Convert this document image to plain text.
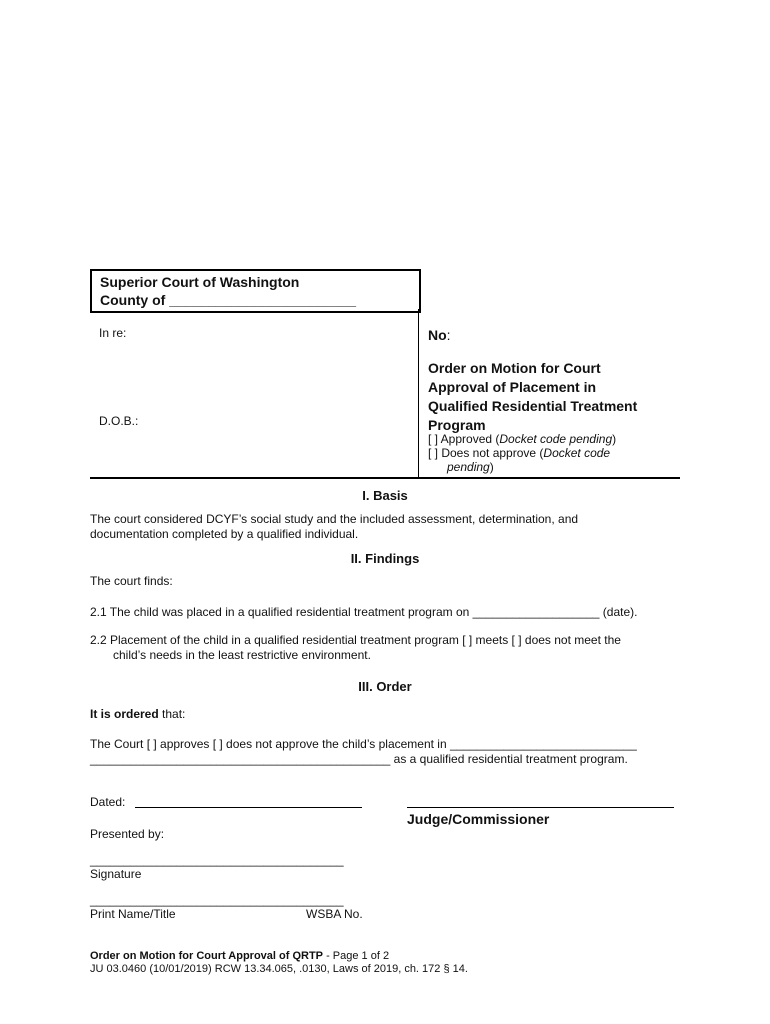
Superior Court of Washington
County of ________________________
In re:
D.O.B.:
No:
Order on Motion for Court
Approval of Placement in
Qualified Residential Treatment
Program
[ ] Approved (Docket code pending)
[ ] Does not approve (Docket code
pending)
I. Basis
The court considered DCYF’s social study and the included assessment, determination, and
documentation completed by a qualified individual.
II. Findings
The court finds:
2.1 The child was placed in a qualified residential treatment program on ___________________ (date).
2.2 Placement of the child in a qualified residential treatment program [ ] meets [ ] does not meet the
child’s needs in the least restrictive environment.
III. Order
It is ordered that:
The Court [ ] approves [ ] does not approve the child’s placement in ____________________________
_____________________________________________ as a qualified residential treatment program.
Dated:
Judge/Commissioner
Presented by:
______________________________________
Signature
______________________________________
Print Name/Title	WSBA No.
Order on Motion for Court Approval of QRTP - Page 1 of 2
JU 03.0460 (10/01/2019) RCW 13.34.065, .0130, Laws of 2019, ch. 172 § 14.
